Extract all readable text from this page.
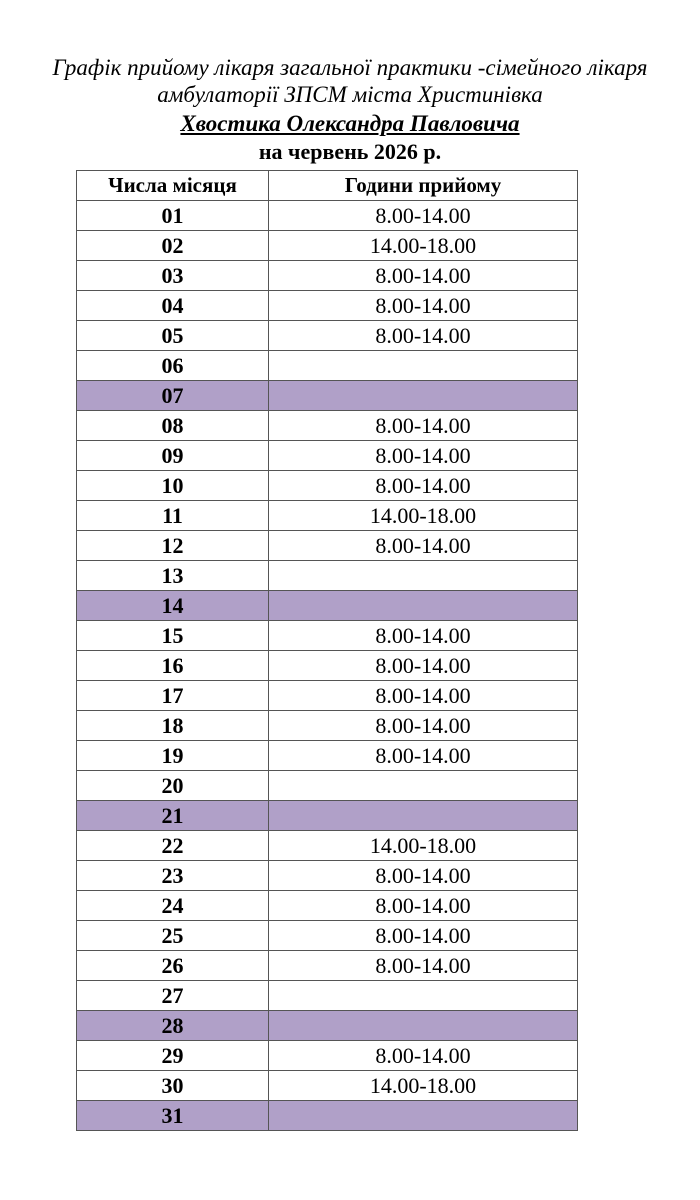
Графік прийому лікаря загальної практики -сімейного лікаря
амбулаторії ЗПСМ міста Христинівка
Хвостика Олександра Павловича
на червень 2026 р.
Числа місяця	Години прийому
01	8.00-14.00
02	14.00-18.00
03	8.00-14.00
04	8.00-14.00
05	8.00-14.00
06	
07	
08	8.00-14.00
09	8.00-14.00
10	8.00-14.00
11	14.00-18.00
12	8.00-14.00
13	
14	
15	8.00-14.00
16	8.00-14.00
17	8.00-14.00
18	8.00-14.00
19	8.00-14.00
20	
21	
22	14.00-18.00
23	8.00-14.00
24	8.00-14.00
25	8.00-14.00
26	8.00-14.00
27	
28	
29	8.00-14.00
30	14.00-18.00
31	
